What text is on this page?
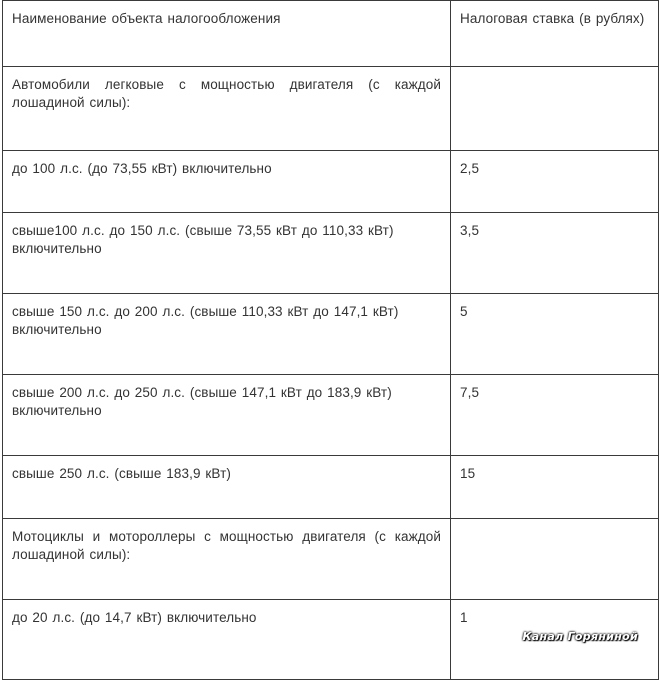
Наименование объекта налогообложения	Налоговая ставка (в рублях)
Автомобили легковые с мощностью двигателя (с каждой лошадиной силы):	
до 100 л.с. (до 73,55 кВт) включительно	2,5
свыше100 л.с. до 150 л.с. (свыше 73,55 кВт до 110,33 кВт) включительно	3,5
свыше 150 л.с. до 200 л.с. (свыше 110,33 кВт до 147,1 кВт) включительно	5
свыше 200 л.с. до 250 л.с. (свыше 147,1 кВт до 183,9 кВт) включительно	7,5
свыше 250 л.с. (свыше 183,9 кВт)	15
Мотоциклы и мотороллеры с мощностью двигателя (с каждой лошадиной силы):	
до 20 л.с. (до 14,7 кВт) включительно	1
Канал Горяниной
